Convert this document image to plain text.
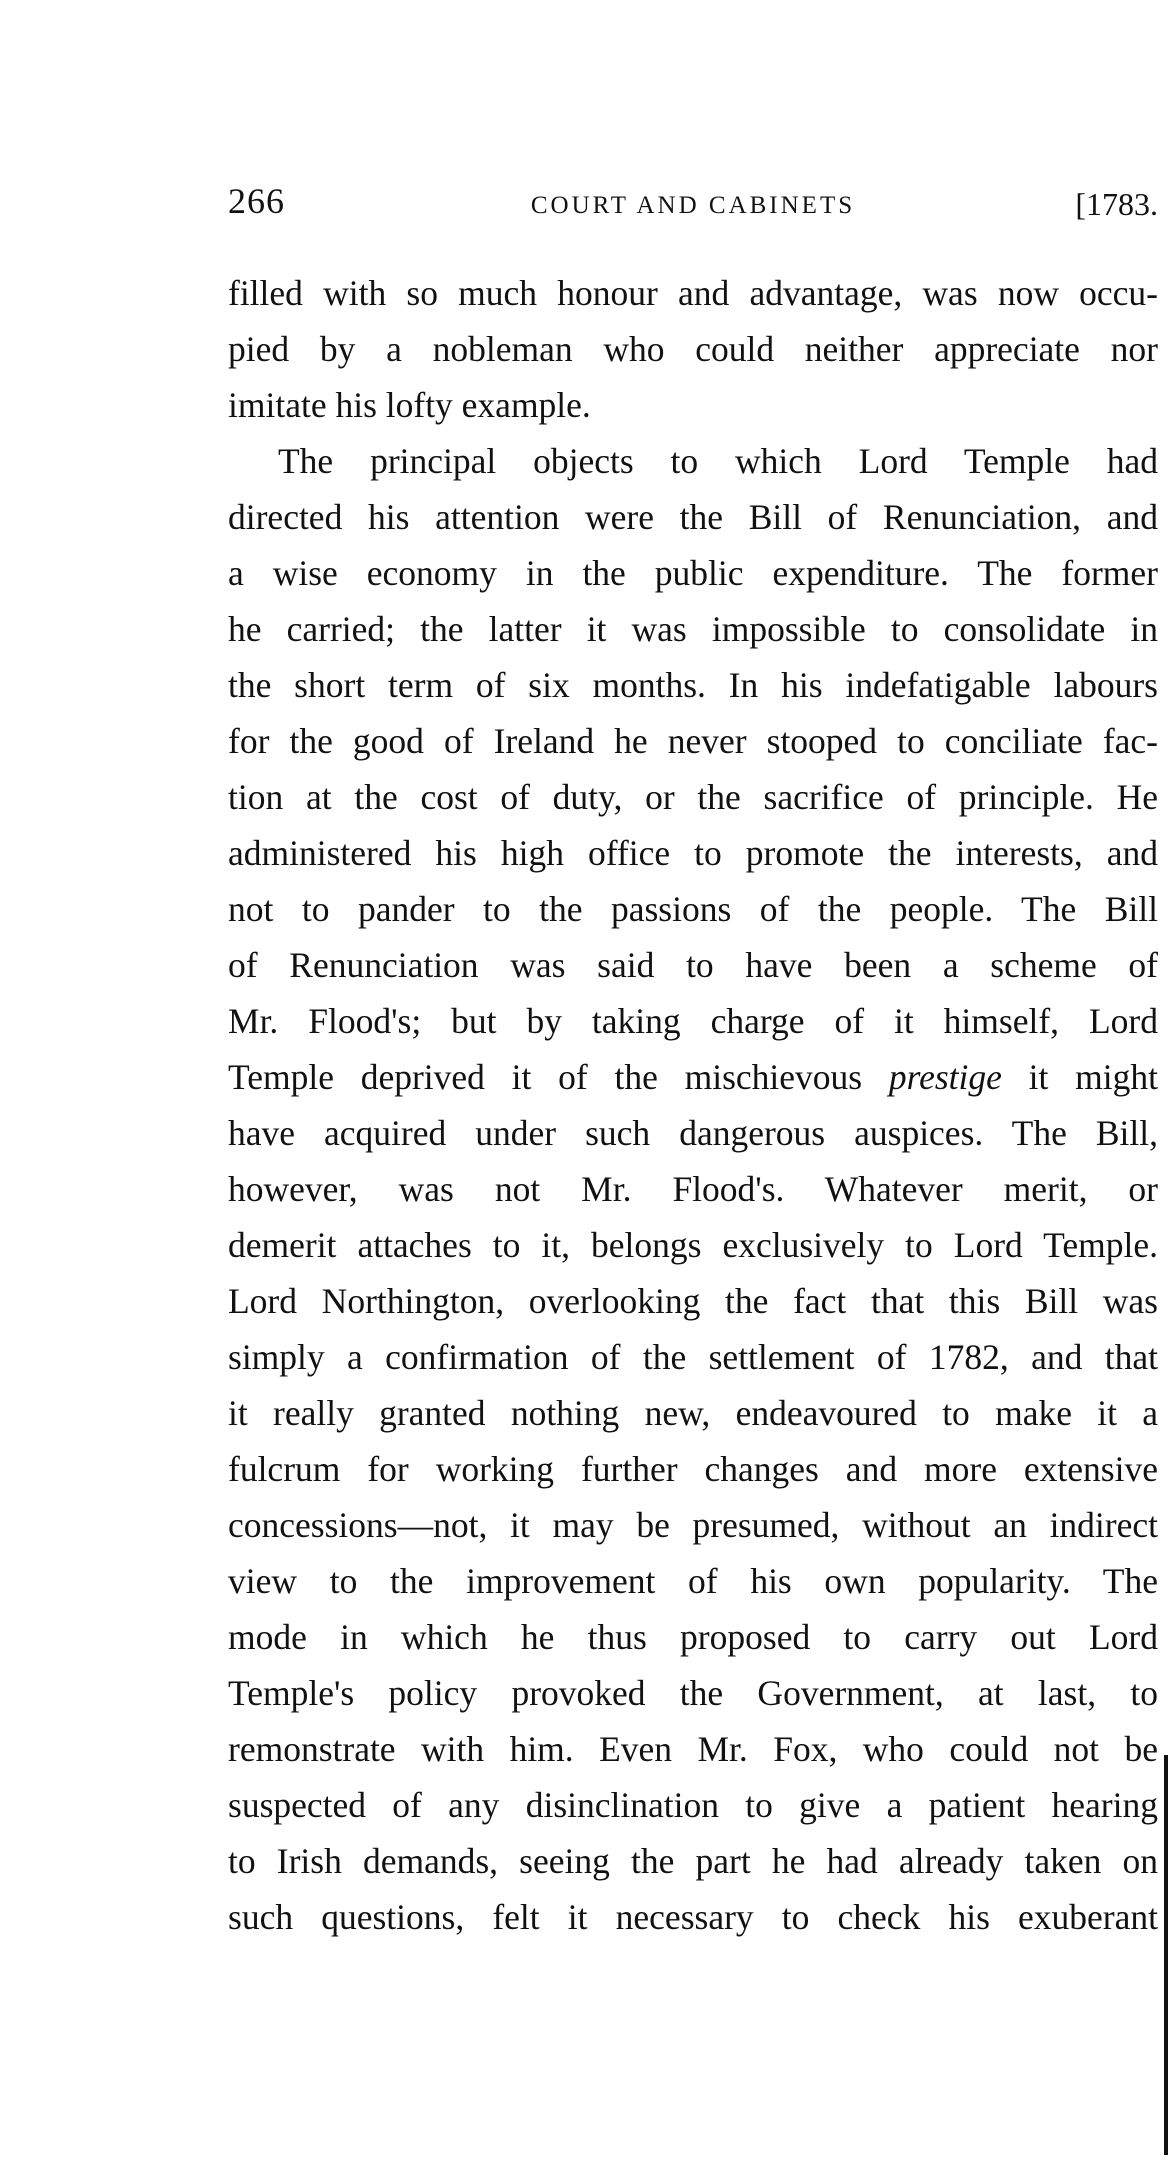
266	COURT AND CABINETS	[1783.
filled with so much honour and advantage, was now occu-
pied by a nobleman who could neither appreciate nor
imitate his lofty example.
The principal objects to which Lord Temple had
directed his attention were the Bill of Renunciation, and
a wise economy in the public expenditure. The former
he carried; the latter it was impossible to consolidate in
the short term of six months. In his indefatigable labours
for the good of Ireland he never stooped to conciliate fac-
tion at the cost of duty, or the sacrifice of principle. He
administered his high office to promote the interests, and
not to pander to the passions of the people. The Bill
of Renunciation was said to have been a scheme of
Mr. Flood's; but by taking charge of it himself, Lord
Temple deprived it of the mischievous prestige it might
have acquired under such dangerous auspices. The Bill,
however, was not Mr. Flood's. Whatever merit, or
demerit attaches to it, belongs exclusively to Lord Temple.
Lord Northington, overlooking the fact that this Bill was
simply a confirmation of the settlement of 1782, and that
it really granted nothing new, endeavoured to make it a
fulcrum for working further changes and more extensive
concessions—not, it may be presumed, without an indirect
view to the improvement of his own popularity. The
mode in which he thus proposed to carry out Lord
Temple's policy provoked the Government, at last, to
remonstrate with him. Even Mr. Fox, who could not be
suspected of any disinclination to give a patient hearing
to Irish demands, seeing the part he had already taken on
such questions, felt it necessary to check his exuberant
